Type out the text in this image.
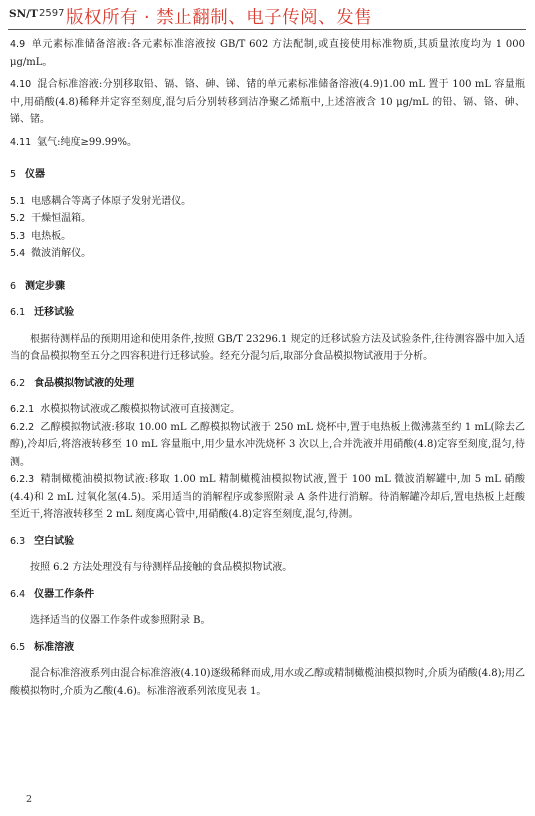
SN/T 2597 版权所有 · 禁止翻制、电子传阅、发售

4.9 单元素标准储备溶液:各元素标准溶液按 GB/T 602 方法配制,或直接使用标准物质,其质量浓度均为 1 000 μg/mL。

4.10 混合标准溶液:分别移取铅、镉、铬、砷、锑、锗的单元素标准储备溶液(4.9)1.00 mL 置于 100 mL 容量瓶中,用硝酸(4.8)稀释并定容至刻度,混匀后分别转移到洁净聚乙烯瓶中,上述溶液含 10 μg/mL 的铅、镉、铬、砷、锑、锗。

4.11 氩气:纯度≥99.99%。

5 仪器

5.1 电感耦合等离子体原子发射光谱仪。

5.2 干燥恒温箱。

5.3 电热板。

5.4 微波消解仪。

6 测定步骤

6.1 迁移试验

根据待测样品的预期用途和使用条件,按照 GB/T 23296.1 规定的迁移试验方法及试验条件,往待测容器中加入适当的食品模拟物至五分之四容积进行迁移试验。经充分混匀后,取部分食品模拟物试液用于分析。

6.2 食品模拟物试液的处理

6.2.1 水模拟物试液或乙酸模拟物试液可直接测定。

6.2.2 乙醇模拟物试液:移取 10.00 mL 乙醇模拟物试液于 250 mL 烧杯中,置于电热板上微沸蒸至约 1 mL(除去乙醇),冷却后,将溶液转移至 10 mL 容量瓶中,用少量水冲洗烧杯 3 次以上,合并洗液并用硝酸(4.8)定容至刻度,混匀,待测。

6.2.3 精制橄榄油模拟物试液:移取 1.00 mL 精制橄榄油模拟物试液,置于 100 mL 微波消解罐中,加 5 mL 硝酸(4.4)和 2 mL 过氧化氢(4.5)。采用适当的消解程序或参照附录 A 条件进行消解。待消解罐冷却后,置电热板上赶酸至近干,将溶液转移至 2 mL 刻度离心管中,用硝酸(4.8)定容至刻度,混匀,待测。

6.3 空白试验

按照 6.2 方法处理没有与待测样品接触的食品模拟物试液。

6.4 仪器工作条件

选择适当的仪器工作条件或参照附录 B。

6.5 标准溶液

混合标准溶液系列由混合标准溶液(4.10)逐级稀释而成,用水或乙醇或精制橄榄油模拟物时,介质为硝酸(4.8);用乙酸模拟物时,介质为乙酸(4.6)。标准溶液系列浓度见表 1。

2
